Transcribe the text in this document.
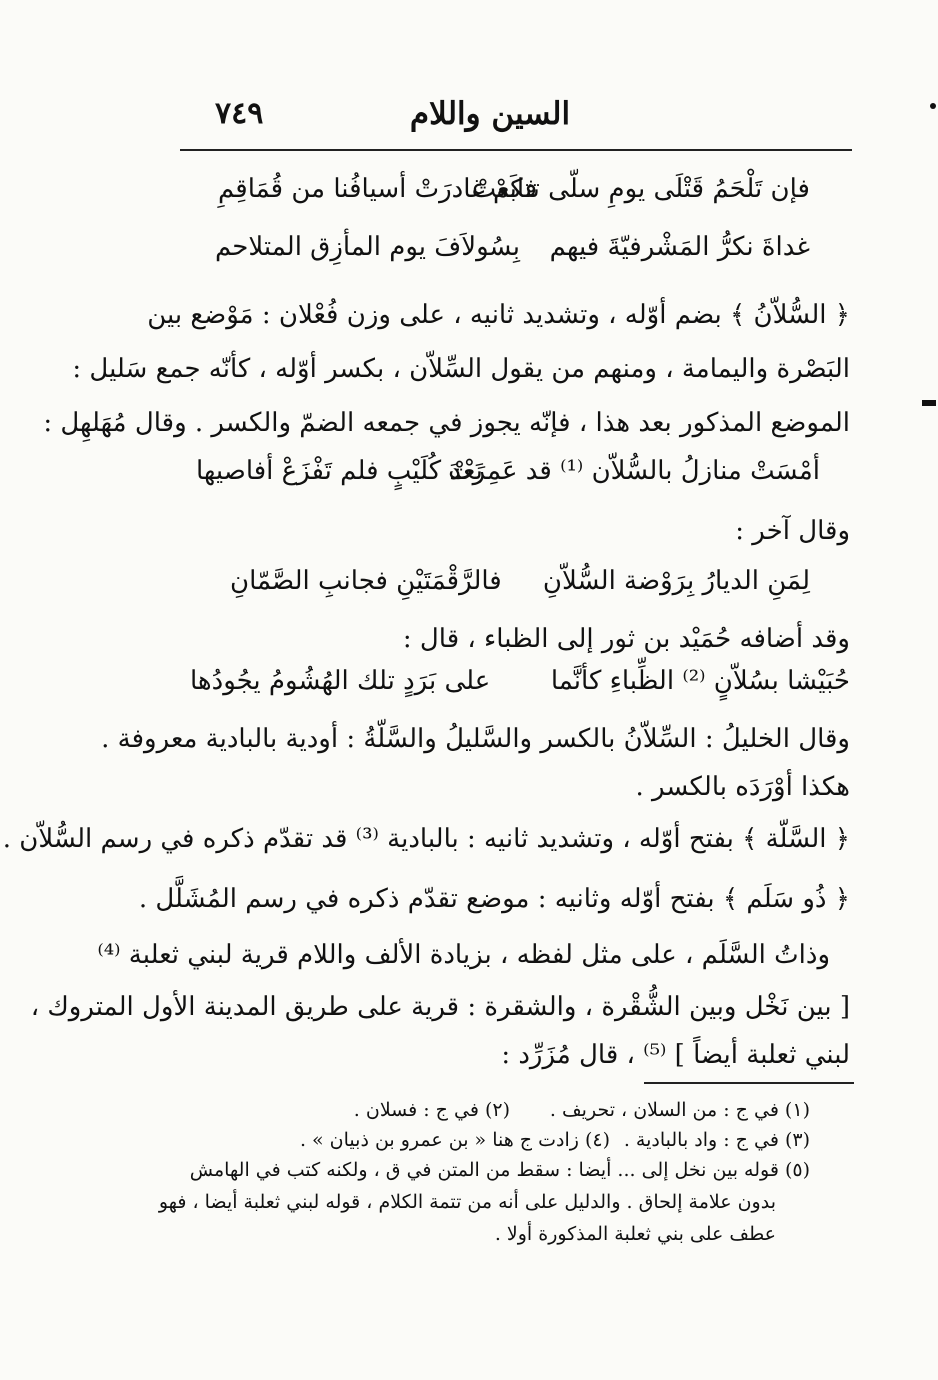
السين واللام
٧٤٩
فإن تَلْحَمُ قَتْلَى يومِ سلّى تتابعتْ
فكَمْ غادرَتْ أسيافُنا من قُمَاقِمِ
غداةَ نكرُّ المَشْرفيّةَ فيهم
بِسُولاَفَ يوم المأزِق المتلاحم
﴿ السُّلاّنُ ﴾ بضم أوّله ، وتشديد ثانيه ، على وزن فُعْلان : مَوْضع بين
البَصْرة واليمامة ، ومنهم من يقول السِّلاّن ، بكسر أوّله ، كأنّه جمع سَليل :
الموضع المذكور بعد هذا ، فإنّه يجوز في جمعه الضمّ والكسر . وقال مُهَلهِل :
أمْسَتْ منازلُ بالسُّلاّن ⁽¹⁾ قد عَمِرَتْ
بَعْدَ كُلَيْبٍ فلم تَفْزَعْ أفاصيها
وقال آخر :
لِمَنِ الديارُ بِرَوْضة السُّلاّنِ
فالرَّقْمَتَيْنِ فجانبِ الصَّمّانِ
وقد أضافه حُمَيْد بن ثور إلى الظباء ، قال :
حُبَيْشا بسُلاّنٍ ⁽²⁾ الظِّباءِ كأنَّما
على بَرَدٍ تلك الهُشُومُ يجُودُها
وقال الخليلُ : السِّلاّنُ بالكسر والسَّليلُ والسَّلّةُ : أودية بالبادية معروفة .
هكذا أوْرَدَه بالكسر .
﴿ السَّلّة ﴾ بفتح أوّله ، وتشديد ثانيه : بالبادية ⁽³⁾ قد تقدّم ذكره في رسم السُّلاّن .
﴿ ذُو سَلَم ﴾ بفتح أوّله وثانيه : موضع تقدّم ذكره في رسم المُشَلَّل .
وذاتُ السَّلَم ، على مثل لفظه ، بزيادة الألف واللام قرية لبني ثعلبة ⁽⁴⁾
[ بين نَخْل وبين الشُّقْرة ، والشقرة : قرية على طريق المدينة الأول المتروك ،
لبني ثعلبة أيضاً ] ⁽⁵⁾ ، قال مُزَرِّد :
(١) في ج : من السلان ، تحريف .
(٢) في ج : فسلان .
(٣) في ج : واد بالبادية .
(٤) زادت ج هنا « بن عمرو بن ذبيان » .
(٥) قوله بين نخل إلى ... أيضا : سقط من المتن في ق ، ولكنه كتب في الهامش
بدون علامة إلحاق . والدليل على أنه من تتمة الكلام ، قوله لبني ثعلبة أيضا ، فهو
عطف على بني ثعلبة المذكورة أولا .
